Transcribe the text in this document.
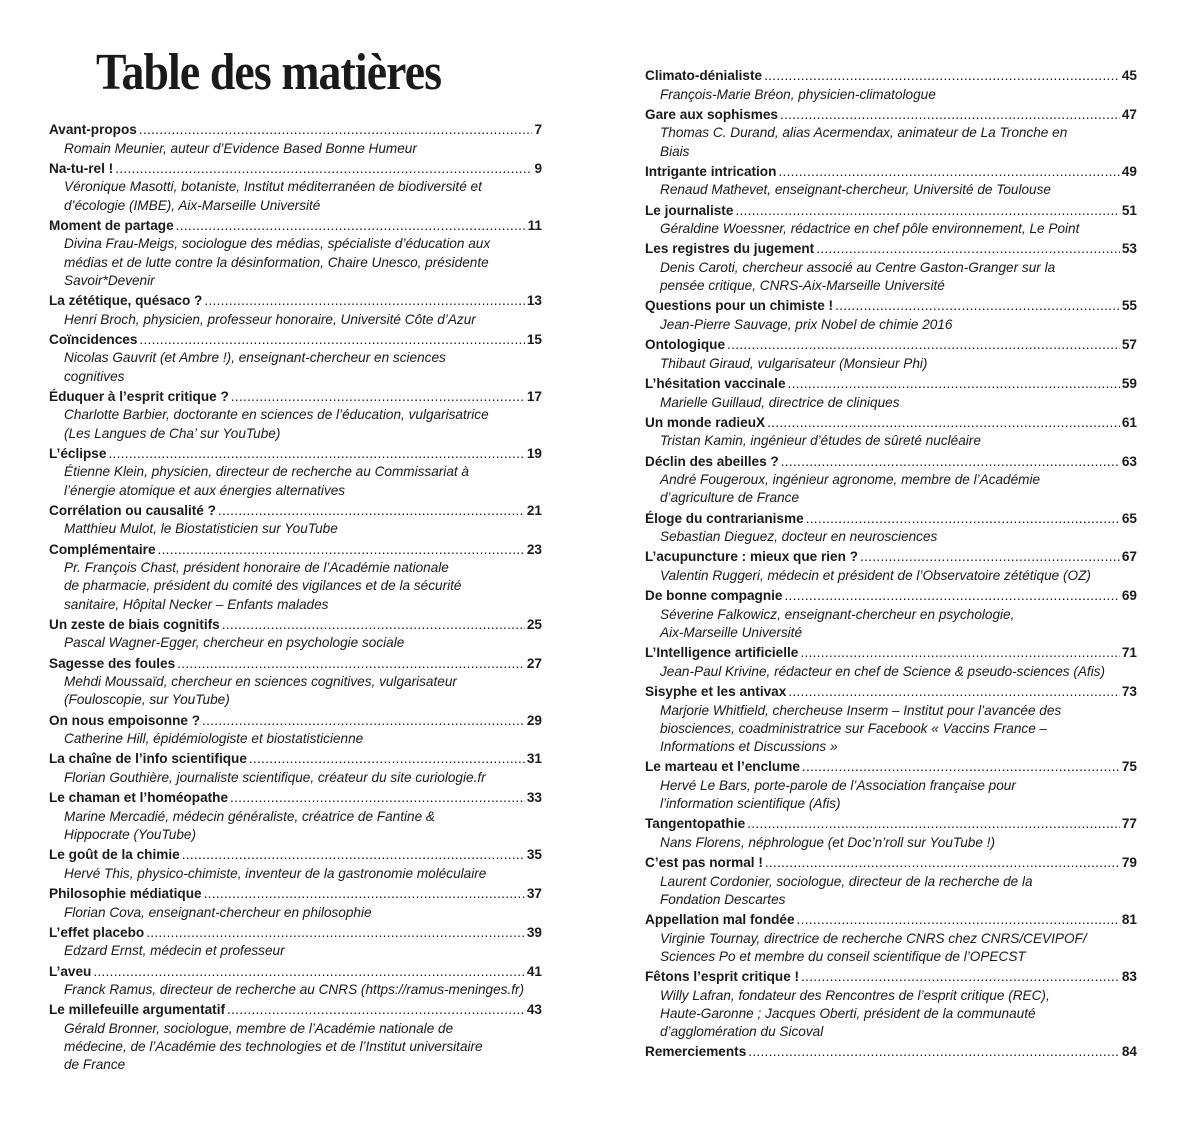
Table des matières
Avant-propos .....	7
Romain Meunier, auteur d’Evidence Based Bonne Humeur
Na-tu-rel ! .....	9
Véronique Masotti, botaniste, Institut méditerranéen de biodiversité et
d’écologie (IMBE), Aix-Marseille Université
Moment de partage .....	11
Divina Frau-Meigs, sociologue des médias, spécialiste d’éducation aux
médias et de lutte contre la désinformation, Chaire Unesco, présidente
Savoir*Devenir
La zététique, quésaco ? .....	13
Henri Broch, physicien, professeur honoraire, Université Côte d’Azur
Coïncidences .....	15
Nicolas Gauvrit (et Ambre !), enseignant-chercheur en sciences
cognitives
Éduquer à l’esprit critique ? .....	17
Charlotte Barbier, doctorante en sciences de l’éducation, vulgarisatrice
(Les Langues de Cha’ sur YouTube)
L’éclipse .....	19
Étienne Klein, physicien, directeur de recherche au Commissariat à
l’énergie atomique et aux énergies alternatives
Corrélation ou causalité ? .....	21
Matthieu Mulot, le Biostatisticien sur YouTube
Complémentaire .....	23
Pr. François Chast, président honoraire de l’Académie nationale
de pharmacie, président du comité des vigilances et de la sécurité
sanitaire, Hôpital Necker – Enfants malades
Un zeste de biais cognitifs .....	25
Pascal Wagner-Egger, chercheur en psychologie sociale
Sagesse des foules .....	27
Mehdi Moussaïd, chercheur en sciences cognitives, vulgarisateur
(Fouloscopie, sur YouTube)
On nous empoisonne ? .....	29
Catherine Hill, épidémiologiste et biostatisticienne
La chaîne de l’info scientifique .....	31
Florian Gouthière, journaliste scientifique, créateur du site curiologie.fr
Le chaman et l’homéopathe .....	33
Marine Mercadié, médecin généraliste, créatrice de Fantine &
Hippocrate (YouTube)
Le goût de la chimie .....	35
Hervé This, physico-chimiste, inventeur de la gastronomie moléculaire
Philosophie médiatique .....	37
Florian Cova, enseignant-chercheur en philosophie
L’effet placebo .....	39
Edzard Ernst, médecin et professeur
L’aveu .....	41
Franck Ramus, directeur de recherche au CNRS (https://ramus-meninges.fr)
Le millefeuille argumentatif .....	43
Gérald Bronner, sociologue, membre de l’Académie nationale de
médecine, de l’Académie des technologies et de l’Institut universitaire
de France
Climato-dénialiste .....	45
François-Marie Bréon, physicien-climatologue
Gare aux sophismes .....	47
Thomas C. Durand, alias Acermendax, animateur de La Tronche en
Biais
Intrigante intrication .....	49
Renaud Mathevet, enseignant-chercheur, Université de Toulouse
Le journaliste .....	51
Géraldine Woessner, rédactrice en chef pôle environnement, Le Point
Les registres du jugement .....	53
Denis Caroti, chercheur associé au Centre Gaston-Granger sur la
pensée critique, CNRS-Aix-Marseille Université
Questions pour un chimiste ! .....	55
Jean-Pierre Sauvage, prix Nobel de chimie 2016
Ontologique .....	57
Thibaut Giraud, vulgarisateur (Monsieur Phi)
L’hésitation vaccinale .....	59
Marielle Guillaud, directrice de cliniques
Un monde radieuX .....	61
Tristan Kamin, ingénieur d’études de sûreté nucléaire
Déclin des abeilles ? .....	63
André Fougeroux, ingénieur agronome, membre de l’Académie
d’agriculture de France
Éloge du contrarianisme .....	65
Sebastian Dieguez, docteur en neurosciences
L’acupuncture : mieux que rien ? .....	67
Valentin Ruggeri, médecin et président de l’Observatoire zététique (OZ)
De bonne compagnie .....	69
Séverine Falkowicz, enseignant-chercheur en psychologie,
Aix-Marseille Université
L’Intelligence artificielle .....	71
Jean-Paul Krivine, rédacteur en chef de Science & pseudo-sciences (Afis)
Sisyphe et les antivax .....	73
Marjorie Whitfield, chercheuse Inserm – Institut pour l’avancée des
biosciences, coadministratrice sur Facebook « Vaccins France –
Informations et Discussions »
Le marteau et l’enclume .....	75
Hervé Le Bars, porte-parole de l’Association française pour
l’information scientifique (Afis)
Tangentopathie .....	77
Nans Florens, néphrologue (et Doc’n’roll sur YouTube !)
C’est pas normal ! .....	79
Laurent Cordonier, sociologue, directeur de la recherche de la
Fondation Descartes
Appellation mal fondée .....	81
Virginie Tournay, directrice de recherche CNRS chez CNRS/CEVIPOF/
Sciences Po et membre du conseil scientifique de l’OPECST
Fêtons l’esprit critique ! .....	83
Willy Lafran, fondateur des Rencontres de l’esprit critique (REC),
Haute-Garonne ; Jacques Oberti, président de la communauté
d’agglomération du Sicoval
Remerciements .....	84
